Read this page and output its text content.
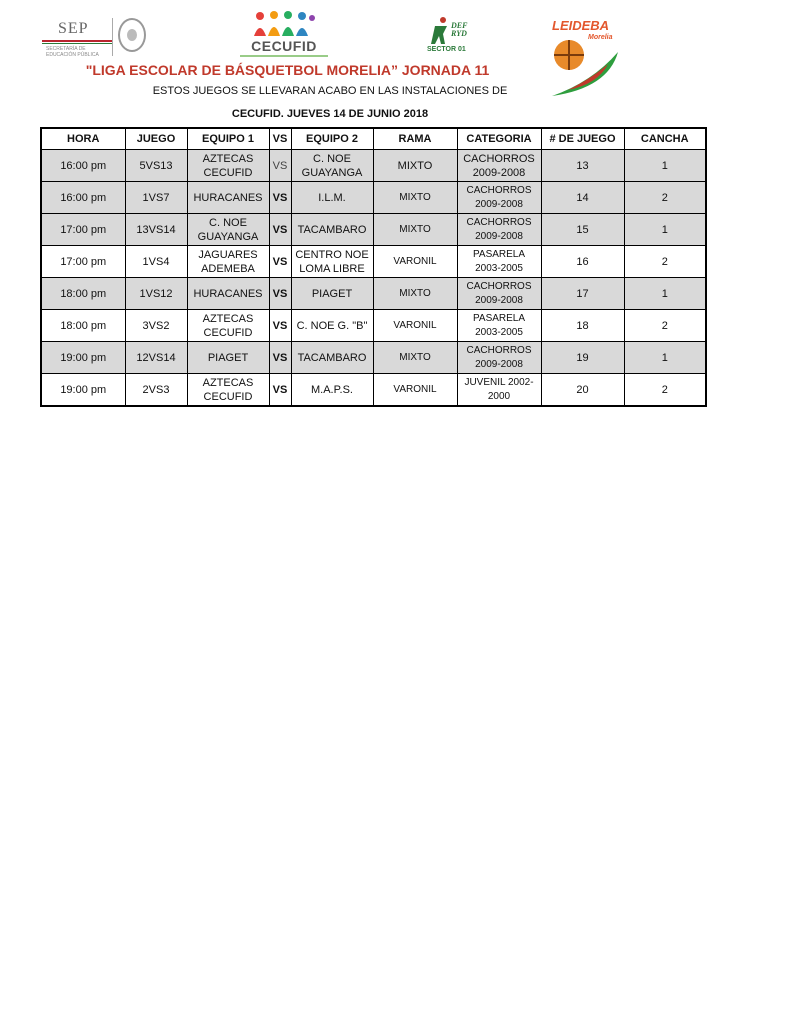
SEP
SECRETARÍA DE EDUCACIÓN PÚBLICA
CECUFID
DEF RYD
SECTOR 01
LEIDEBA
Morelia
"LIGA ESCOLAR DE BÁSQUETBOL MORELIA” JORNADA 11
ESTOS JUEGOS SE LLEVARAN ACABO EN LAS INSTALACIONES DE
CECUFID. JUEVES 14 DE JUNIO 2018
HORA	JUEGO	EQUIPO 1	VS	EQUIPO 2	RAMA	CATEGORIA	# DE JUEGO	CANCHA
16:00 pm	5VS13	AZTECAS CECUFID	VS	C. NOE GUAYANGA	MIXTO	CACHORROS 2009-2008	13	1
16:00 pm	1VS7	HURACANES	VS	I.L.M.	MIXTO	CACHORROS 2009-2008	14	2
17:00 pm	13VS14	C. NOE GUAYANGA	VS	TACAMBARO	MIXTO	CACHORROS 2009-2008	15	1
17:00 pm	1VS4	JAGUARES ADEMEBA	VS	CENTRO NOE LOMA LIBRE	VARONIL	PASARELA 2003-2005	16	2
18:00 pm	1VS12	HURACANES	VS	PIAGET	MIXTO	CACHORROS 2009-2008	17	1
18:00 pm	3VS2	AZTECAS CECUFID	VS	C. NOE G. "B"	VARONIL	PASARELA 2003-2005	18	2
19:00 pm	12VS14	PIAGET	VS	TACAMBARO	MIXTO	CACHORROS 2009-2008	19	1
19:00 pm	2VS3	AZTECAS CECUFID	VS	M.A.P.S.	VARONIL	JUVENIL 2002-2000	20	2
